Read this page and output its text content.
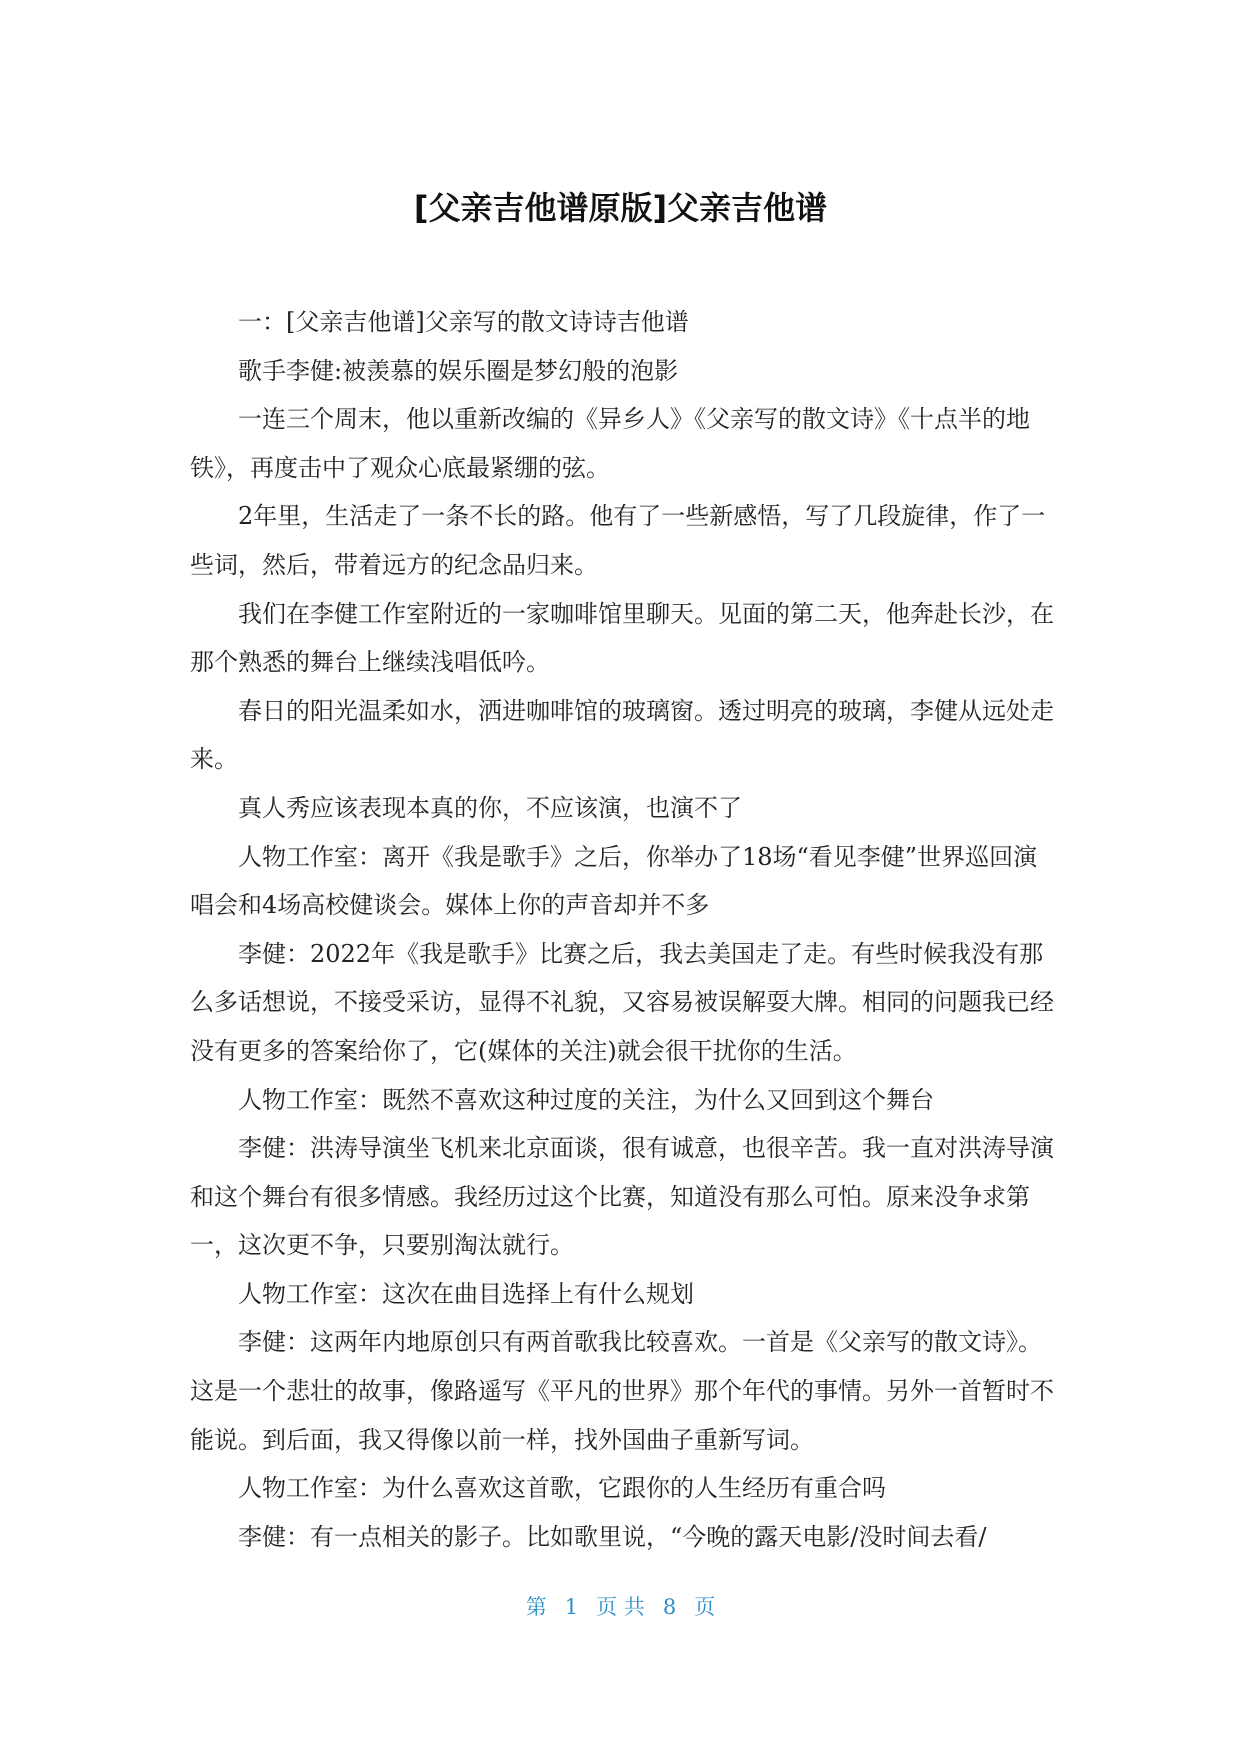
[父亲吉他谱原版]父亲吉他谱

一：[父亲吉他谱]父亲写的散文诗诗吉他谱

歌手李健:被羡慕的娱乐圈是梦幻般的泡影

一连三个周末，他以重新改编的《异乡人》《父亲写的散文诗》《十点半的地铁》，再度击中了观众心底最紧绷的弦。

2年里，生活走了一条不长的路。他有了一些新感悟，写了几段旋律，作了一些词，然后，带着远方的纪念品归来。

我们在李健工作室附近的一家咖啡馆里聊天。见面的第二天，他奔赴长沙，在那个熟悉的舞台上继续浅唱低吟。

春日的阳光温柔如水，洒进咖啡馆的玻璃窗。透过明亮的玻璃，李健从远处走来。

真人秀应该表现本真的你，不应该演，也演不了

人物工作室：离开《我是歌手》之后，你举办了18场“看见李健”世界巡回演唱会和4场高校健谈会。媒体上你的声音却并不多

李健：2022年《我是歌手》比赛之后，我去美国走了走。有些时候我没有那么多话想说，不接受采访，显得不礼貌，又容易被误解耍大牌。相同的问题我已经没有更多的答案给你了，它(媒体的关注)就会很干扰你的生活。

人物工作室：既然不喜欢这种过度的关注，为什么又回到这个舞台

李健：洪涛导演坐飞机来北京面谈，很有诚意，也很辛苦。我一直对洪涛导演和这个舞台有很多情感。我经历过这个比赛，知道没有那么可怕。原来没争求第一，这次更不争，只要别淘汰就行。

人物工作室：这次在曲目选择上有什么规划

李健：这两年内地原创只有两首歌我比较喜欢。一首是《父亲写的散文诗》。这是一个悲壮的故事，像路遥写《平凡的世界》那个年代的事情。另外一首暂时不能说。到后面，我又得像以前一样，找外国曲子重新写词。

人物工作室：为什么喜欢这首歌，它跟你的人生经历有重合吗

李健：有一点相关的影子。比如歌里说，“今晚的露天电影/没时间去看/

第 1 页 共 8 页
